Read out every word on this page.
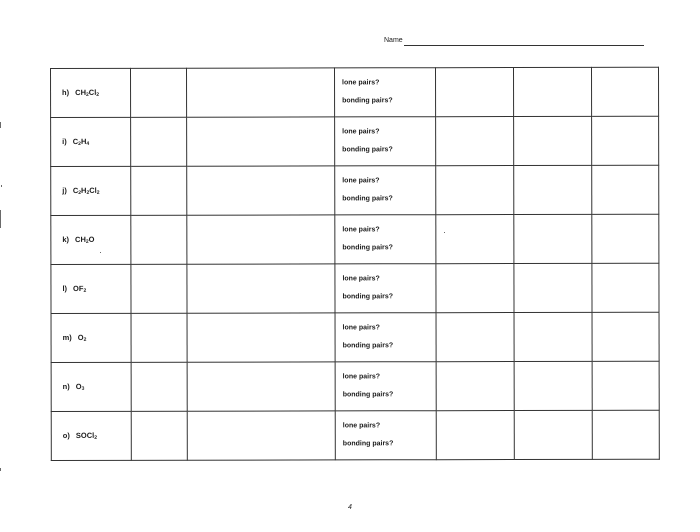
Name
h) $CH_2Cl_2$			lone pairs?
bonding pairs?			

i) $C_2H_4$			lone pairs?
bonding pairs?			

j) $C_2H_2Cl_2$			lone pairs?
bonding pairs?			

k) $CH_2O$			lone pairs?
bonding pairs?			

l) $OF_2$			lone pairs?
bonding pairs?			

m) $O_2$			lone pairs?
bonding pairs?			

n) $O_3$			lone pairs?
bonding pairs?			

o) SOCl$_2$			lone pairs?
bonding pairs?			

4
